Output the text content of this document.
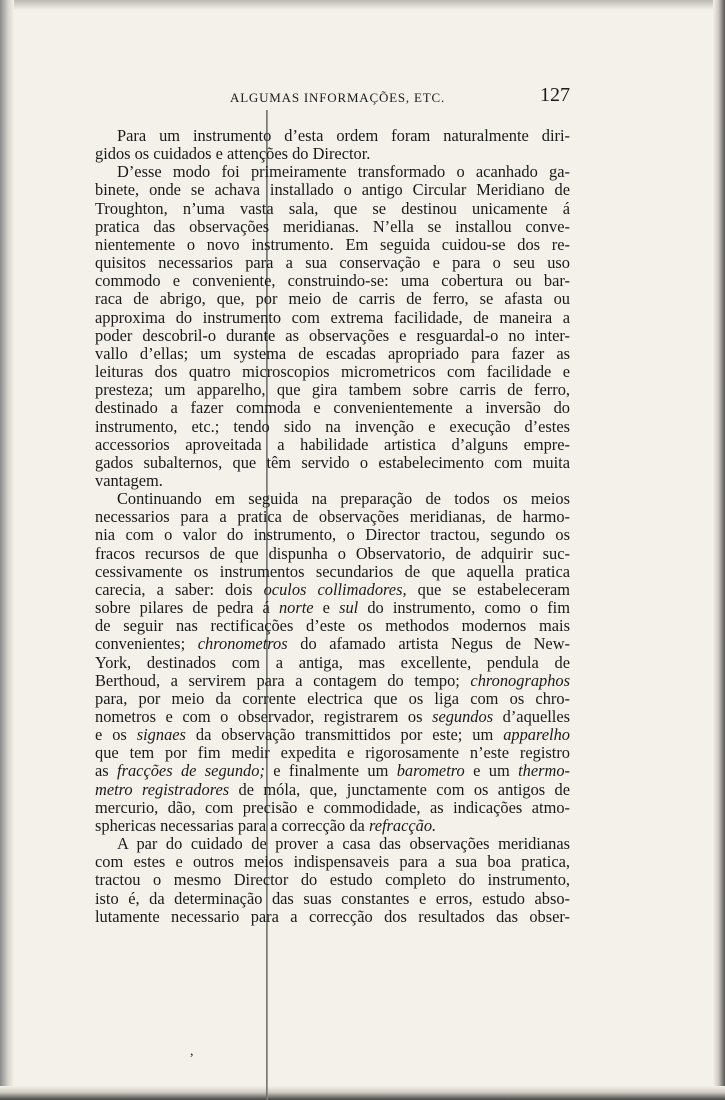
ALGUMAS INFORMAÇÕES, ETC.	127
Para um instrumento d’esta ordem foram naturalmente diri-
gidos os cuidados e attenções do Director.
D’esse modo foi primeiramente transformado o acanhado ga-
binete, onde se achava installado o antigo Circular Meridiano de
Troughton, n’uma vasta sala, que se destinou unicamente á
pratica das observações meridianas. N’ella se installou conve-
nientemente o novo instrumento. Em seguida cuidou-se dos re-
quisitos necessarios para a sua conservação e para o seu uso
commodo e conveniente, construindo-se: uma cobertura ou bar-
raca de abrigo, que, por meio de carris de ferro, se afasta ou
approxima do instrumento com extrema facilidade, de maneira a
poder descobril-o durante as observações e resguardal-o no inter-
vallo d’ellas; um systema de escadas apropriado para fazer as
leituras dos quatro microscopios micrometricos com facilidade e
presteza; um apparelho, que gira tambem sobre carris de ferro,
destinado a fazer commoda e convenientemente a inversão do
instrumento, etc.; tendo sido na invenção e execução d’estes
accessorios aproveitada a habilidade artistica d’alguns empre-
gados subalternos, que têm servido o estabelecimento com muita
vantagem.
Continuando em seguida na preparação de todos os meios
necessarios para a pratica de observações meridianas, de harmo-
nia com o valor do instrumento, o Director tractou, segundo os
fracos recursos de que dispunha o Observatorio, de adquirir suc-
cessivamente os instrumentos secundarios de que aquella pratica
carecia, a saber: dois oculos collimadores, que se estabeleceram
sobre pilares de pedra á norte e sul do instrumento, como o fim
de seguir nas rectificações d’este os methodos modernos mais
convenientes; chronometros do afamado artista Negus de New-
York, destinados com a antiga, mas excellente, pendula de
Berthoud, a servirem para a contagem do tempo; chronographos
para, por meio da corrente electrica que os liga com os chro-
nometros e com o observador, registrarem os segundos d’aquelles
e os signaes da observação transmittidos por este; um apparelho
que tem por fim medir expedita e rigorosamente n’este registro
as fracções de segundo; e finalmente um barometro e um thermo-
metro registradores de móla, que, junctamente com os antigos de
mercurio, dão, com precisão e commodidade, as indicações atmo-
sphericas necessarias para a correcção da refracção.
A par do cuidado de prover a casa das observações meridianas
com estes e outros meios indispensaveis para a sua boa pratica,
tractou o mesmo Director do estudo completo do instrumento,
isto é, da determinação das suas constantes e erros, estudo abso-
lutamente necessario para a correcção dos resultados das obser-
,
